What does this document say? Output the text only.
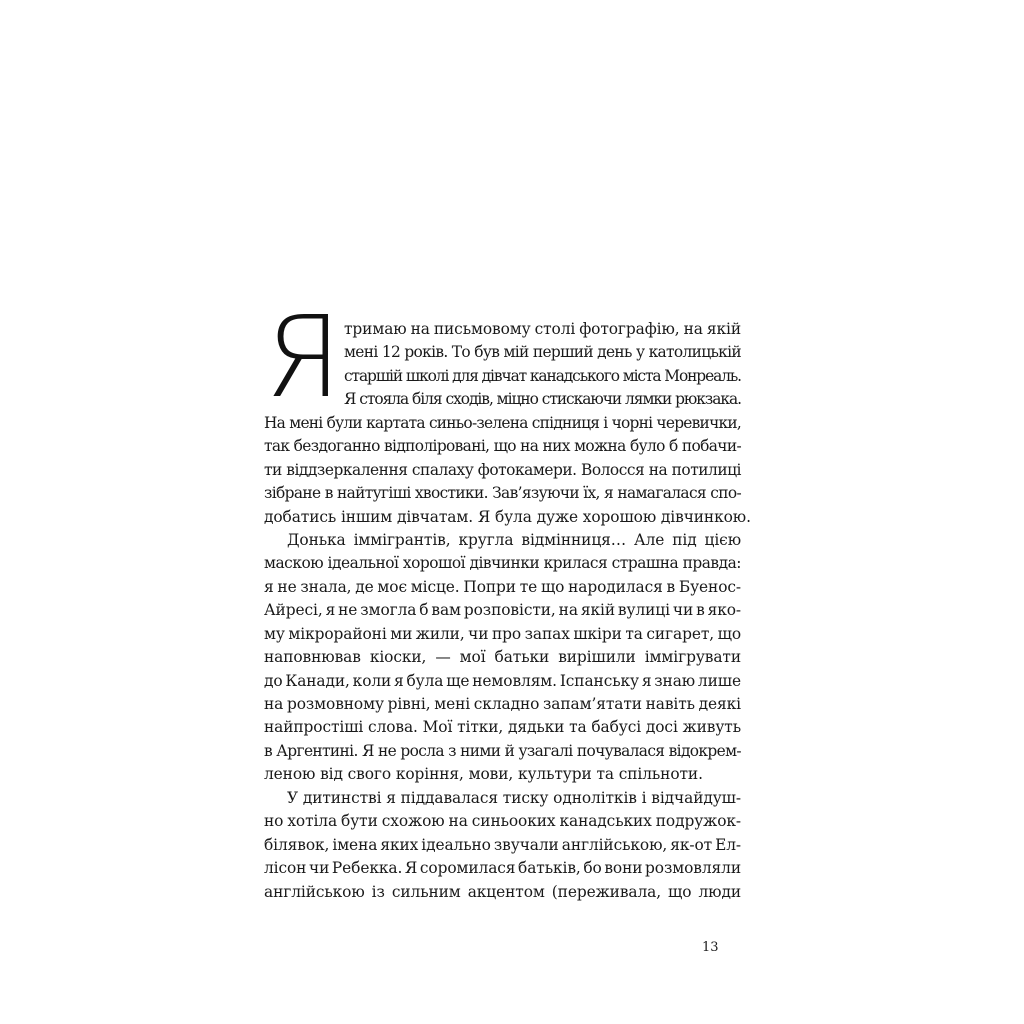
Я тримаю на письмовому столі фотографію, на якій
мені 12 років. То був мій перший день у католицькій
старшій школі для дівчат канадського міста Монреаль.
Я стояла біля сходів, міцно стискаючи лямки рюкзака.
На мені були картата синьо-зелена спідниця і чорні черевички,
так бездоганно відполіровані, що на них можна було б побачи-
ти віддзеркалення спалаху фотокамери. Волосся на потилиці
зібране в найтугіші хвостики. Зав’язуючи їх, я намагалася спо-
добатись іншим дівчатам. Я була дуже хорошою дівчинкою.
Донька іммігрантів, кругла відмінниця… Але під цією
маскою ідеальної хорошої дівчинки крилася страшна правда:
я не знала, де моє місце. Попри те що народилася в Буенос-
Айресі, я не змогла б вам розповісти, на якій вулиці чи в яко-
му мікрорайоні ми жили, чи про запах шкіри та сигарет, що
наповнював кіоски, — мої батьки вирішили іммігрувати
до Канади, коли я була ще немовлям. Іспанську я знаю лише
на розмовному рівні, мені складно запам’ятати навіть деякі
найпростіші слова. Мої тітки, дядьки та бабусі досі живуть
в Аргентині. Я не росла з ними й узагалі почувалася відокрем-
леною від свого коріння, мови, культури та спільноти.
У дитинстві я піддавалася тиску однолітків і відчайдуш-
но хотіла бути схожою на синьооких канадських подружок-
білявок, імена яких ідеально звучали англійською, як-от Ел-
лісон чи Ребекка. Я соромилася батьків, бо вони розмовляли
англійською із сильним акцентом (переживала, що люди
13
